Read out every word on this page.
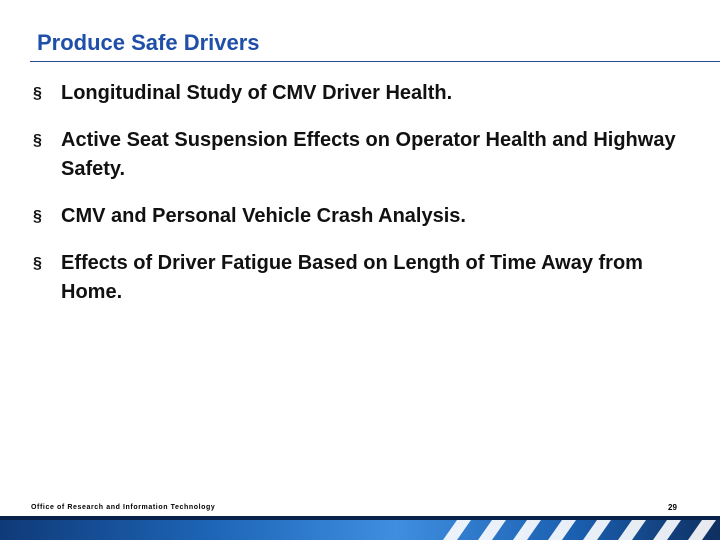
Produce Safe Drivers
§ Longitudinal Study of CMV Driver Health.
§ Active Seat Suspension Effects on Operator Health and Highway Safety.
§ CMV and Personal Vehicle Crash Analysis.
§ Effects of Driver Fatigue Based on Length of Time Away from Home.
Office of Research and Information Technology	29
